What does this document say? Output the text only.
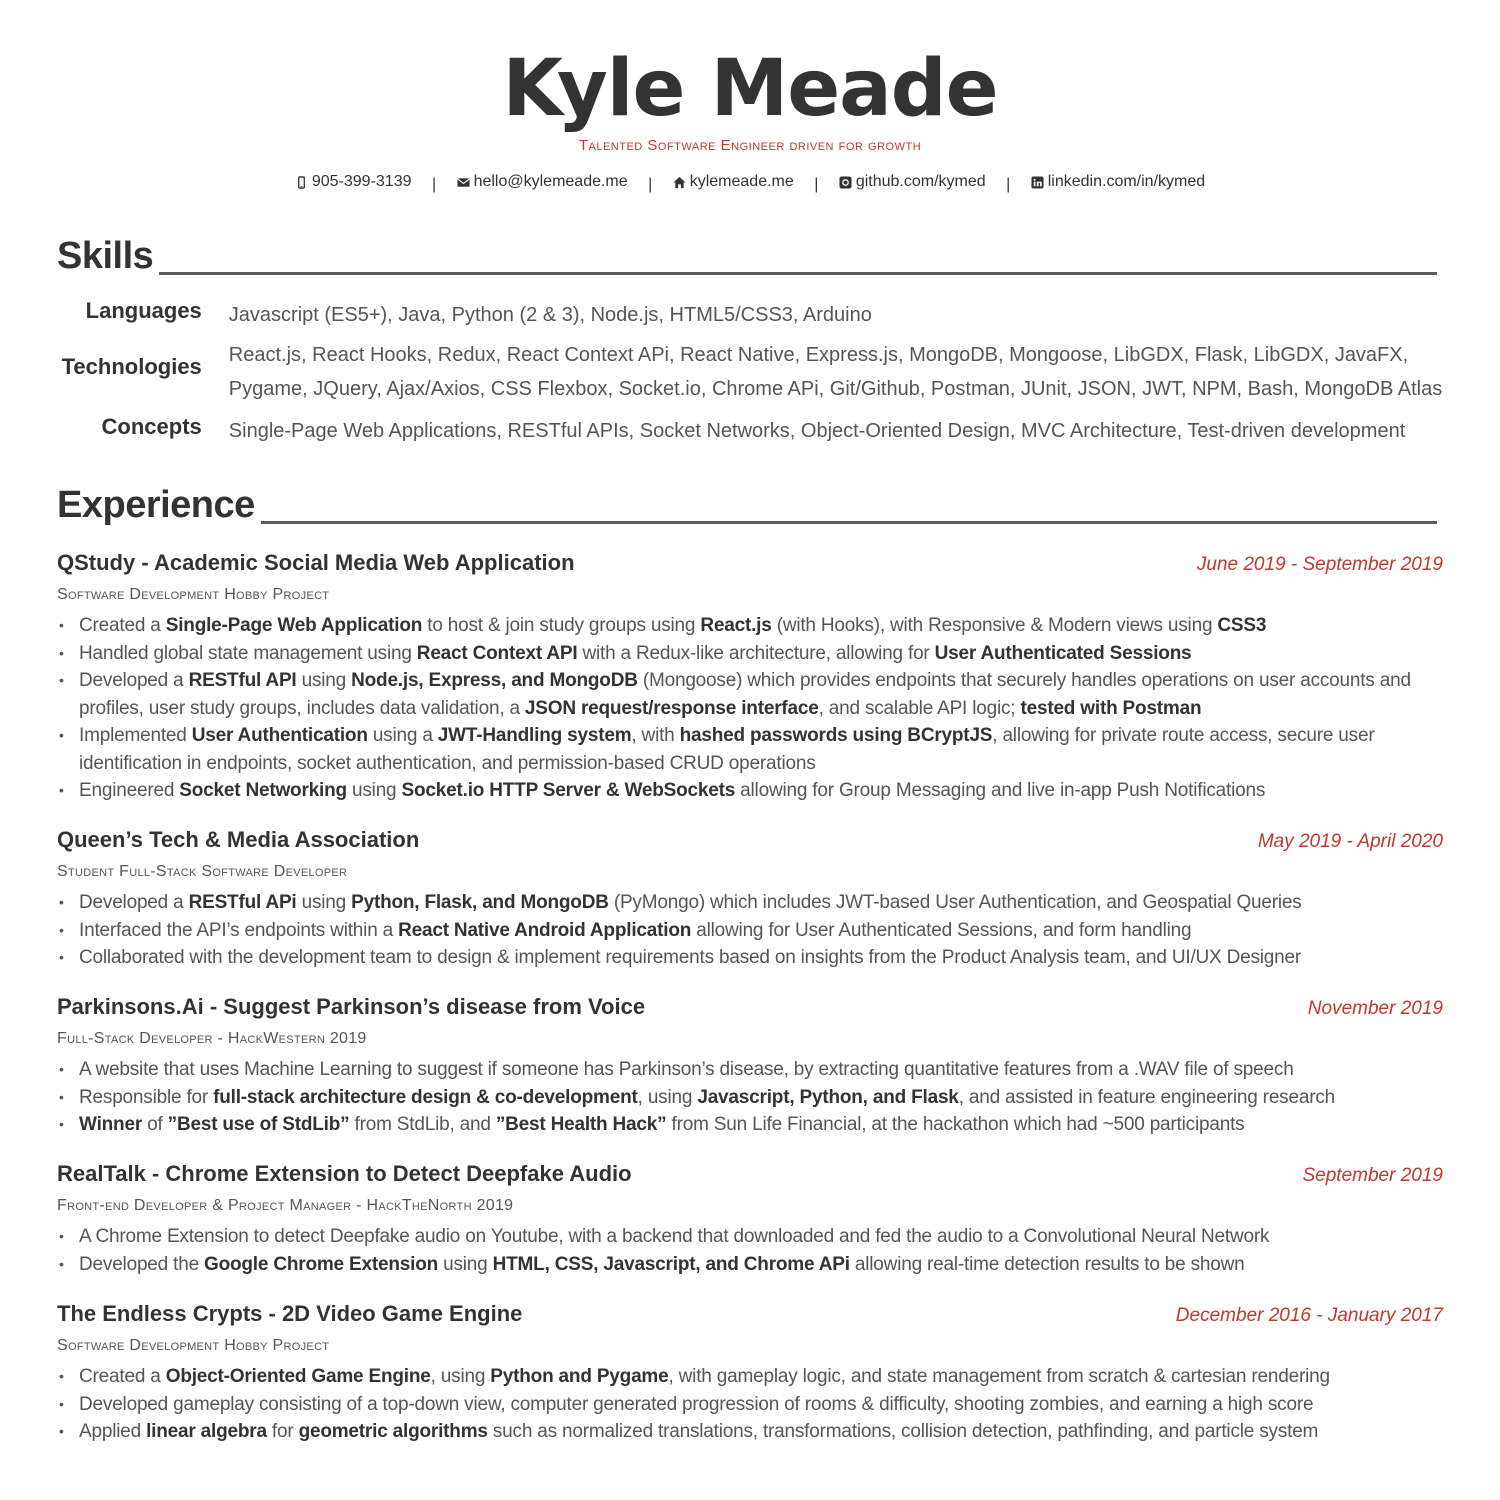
Kyle Meade
Talented Software Engineer driven for growth
905-399-3139 | hello@kylemeade.me | kylemeade.me | github.com/kymed | linkedin.com/in/kymed
Skills
Languages Javascript (ES5+), Java, Python (2 & 3), Node.js, HTML5/CSS3, Arduino
Technologies React.js, React Hooks, Redux, React Context APi, React Native, Express.js, MongoDB, Mongoose, LibGDX, Flask, LibGDX, JavaFX, Pygame, JQuery, Ajax/Axios, CSS Flexbox, Socket.io, Chrome APi, Git/Github, Postman, JUnit, JSON, JWT, NPM, Bash, MongoDB Atlas
Concepts Single-Page Web Applications, RESTful APIs, Socket Networks, Object-Oriented Design, MVC Architecture, Test-driven development
Experience
QStudy - Academic Social Media Web Application	June 2019 - September 2019
Software Development Hobby Project
• Created a Single-Page Web Application to host & join study groups using React.js (with Hooks), with Responsive & Modern views using CSS3
• Handled global state management using React Context API with a Redux-like architecture, allowing for User Authenticated Sessions
• Developed a RESTful API using Node.js, Express, and MongoDB (Mongoose) which provides endpoints that securely handles operations on user accounts and profiles, user study groups, includes data validation, a JSON request/response interface, and scalable API logic; tested with Postman
• Implemented User Authentication using a JWT-Handling system, with hashed passwords using BCryptJS, allowing for private route access, secure user identification in endpoints, socket authentication, and permission-based CRUD operations
• Engineered Socket Networking using Socket.io HTTP Server & WebSockets allowing for Group Messaging and live in-app Push Notifications
Queen’s Tech & Media Association	May 2019 - April 2020
Student Full-Stack Software Developer
• Developed a RESTful APi using Python, Flask, and MongoDB (PyMongo) which includes JWT-based User Authentication, and Geospatial Queries
• Interfaced the API’s endpoints within a React Native Android Application allowing for User Authenticated Sessions, and form handling
• Collaborated with the development team to design & implement requirements based on insights from the Product Analysis team, and UI/UX Designer
Parkinsons.Ai - Suggest Parkinson’s disease from Voice	November 2019
Full-Stack Developer - HackWestern 2019
• A website that uses Machine Learning to suggest if someone has Parkinson’s disease, by extracting quantitative features from a .WAV file of speech
• Responsible for full-stack architecture design & co-development, using Javascript, Python, and Flask, and assisted in feature engineering research
• Winner of ”Best use of StdLib” from StdLib, and ”Best Health Hack” from Sun Life Financial, at the hackathon which had ~500 participants
RealTalk - Chrome Extension to Detect Deepfake Audio	September 2019
Front-end Developer & Project Manager - HackTheNorth 2019
• A Chrome Extension to detect Deepfake audio on Youtube, with a backend that downloaded and fed the audio to a Convolutional Neural Network
• Developed the Google Chrome Extension using HTML, CSS, Javascript, and Chrome APi allowing real-time detection results to be shown
The Endless Crypts - 2D Video Game Engine	December 2016 - January 2017
Software Development Hobby Project
• Created a Object-Oriented Game Engine, using Python and Pygame, with gameplay logic, and state management from scratch & cartesian rendering
• Developed gameplay consisting of a top-down view, computer generated progression of rooms & difficulty, shooting zombies, and earning a high score
• Applied linear algebra for geometric algorithms such as normalized translations, transformations, collision detection, pathfinding, and particle system
